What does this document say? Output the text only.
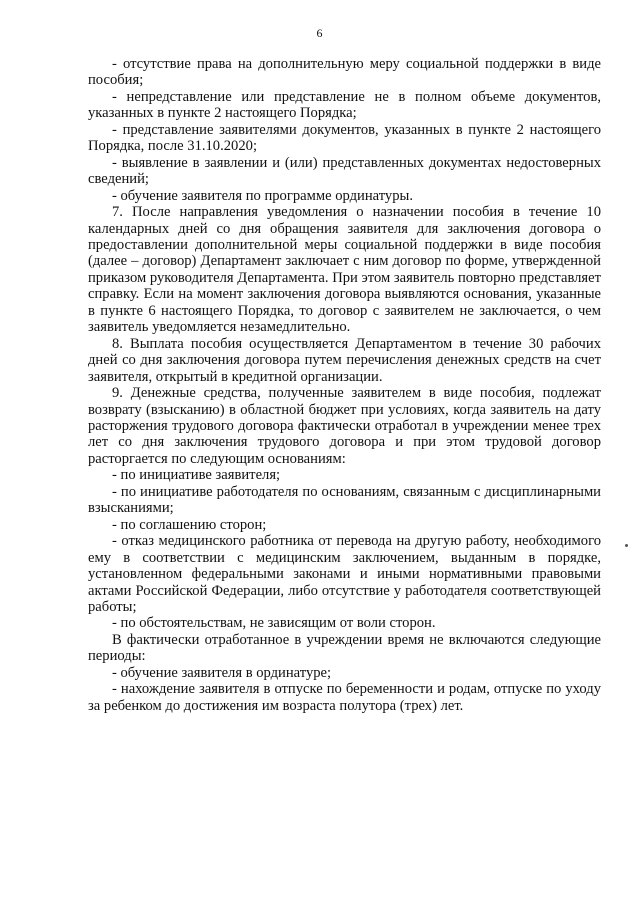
6

- отсутствие права на дополнительную меру социальной поддержки в виде пособия;

- непредставление или представление не в полном объеме документов, указанных в пункте 2 настоящего Порядка;

- представление заявителями документов, указанных в пункте 2 настоящего Порядка, после 31.10.2020;

- выявление в заявлении и (или) представленных документах недостоверных сведений;

- обучение заявителя по программе ординатуры.

7. После направления уведомления о назначении пособия в течение 10 календарных дней со дня обращения заявителя для заключения договора о предоставлении дополнительной меры социальной поддержки в виде пособия (далее – договор) Департамент заключает с ним договор по форме, утвержденной приказом руководителя Департамента. При этом заявитель повторно представляет справку. Если на момент заключения договора выявляются основания, указанные в пункте 6 настоящего Порядка, то договор с заявителем не заключается, о чем заявитель уведомляется незамедлительно.

8. Выплата пособия осуществляется Департаментом в течение 30 рабочих дней со дня заключения договора путем перечисления денежных средств на счет заявителя, открытый в кредитной организации.

9. Денежные средства, полученные заявителем в виде пособия, подлежат возврату (взысканию) в областной бюджет при условиях, когда заявитель на дату расторжения трудового договора фактически отработал в учреждении менее трех лет со дня заключения трудового договора и при этом трудовой договор расторгается по следующим основаниям:

- по инициативе заявителя;

- по инициативе работодателя по основаниям, связанным с дисциплинарными взысканиями;

- по соглашению сторон;

- отказ медицинского работника от перевода на другую работу, необходимого ему в соответствии с медицинским заключением, выданным в порядке, установленном федеральными законами и иными нормативными правовыми актами Российской Федерации, либо отсутствие у работодателя соответствующей работы;

- по обстоятельствам, не зависящим от воли сторон.

В фактически отработанное в учреждении время не включаются следующие периоды:

- обучение заявителя в ординатуре;

- нахождение заявителя в отпуске по беременности и родам, отпуске по уходу за ребенком до достижения им возраста полутора (трех) лет.
